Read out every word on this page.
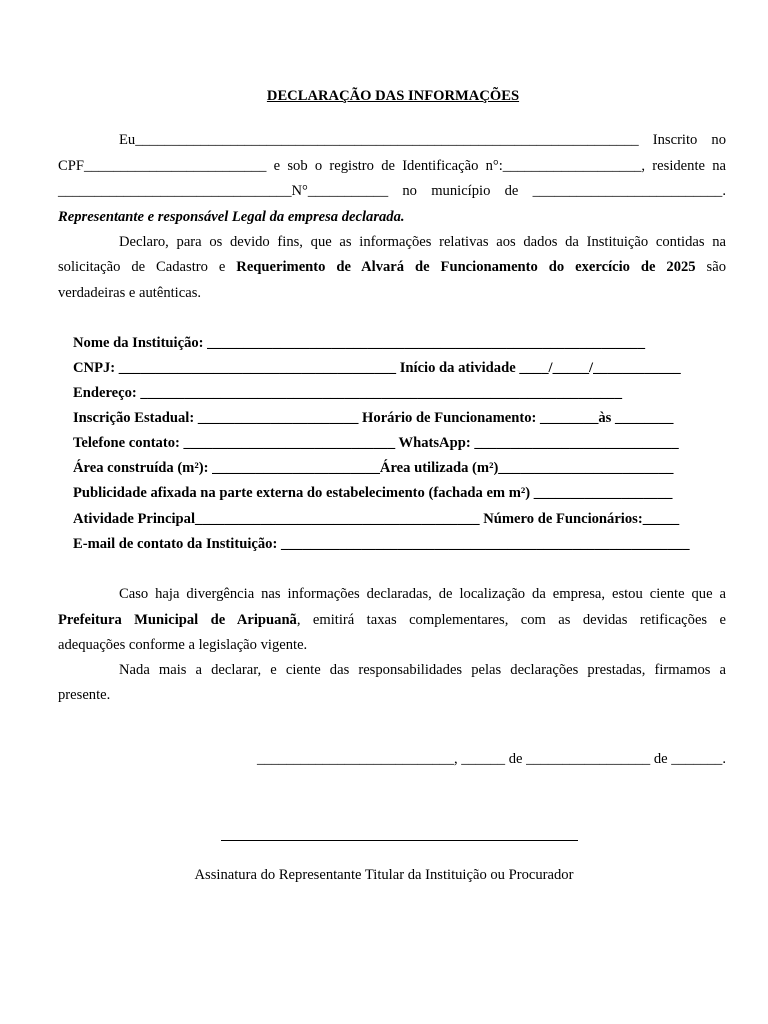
DECLARAÇÃO DAS INFORMAÇÕES
Eu_____________________________________________________________________ Inscrito no
CPF_________________________ e sob o registro de Identificação n°:___________________, residente na
________________________________N°___________ no município de __________________________.
Representante e responsável Legal da empresa declarada.
Declaro, para os devido fins, que as informações relativas aos dados da Instituição contidas na
solicitação de Cadastro e Requerimento de Alvará de Funcionamento do exercício de 2025 são
verdadeiras e autênticas.
Nome da Instituição: ____________________________________________________________
CNPJ: ______________________________________ Início da atividade ____/_____/____________
Endereço: __________________________________________________________________
Inscrição Estadual: ______________________ Horário de Funcionamento: ________às ________
Telefone contato: _____________________________ WhatsApp: ____________________________
Área construída (m²): _______________________Área utilizada (m²)________________________
Publicidade afixada na parte externa do estabelecimento (fachada em m²) ___________________
Atividade Principal_______________________________________ Número de Funcionários:_____
E-mail de contato da Instituição: ________________________________________________________
Caso haja divergência nas informações declaradas, de localização da empresa, estou ciente que a
Prefeitura Municipal de Aripuanã, emitirá taxas complementares, com as devidas retificações e
adequações conforme a legislação vigente.
Nada mais a declarar, e ciente das responsabilidades pelas declarações prestadas, firmamos a
presente.
___________________________, ______ de _________________ de _______.
Assinatura do Representante Titular da Instituição ou Procurador
